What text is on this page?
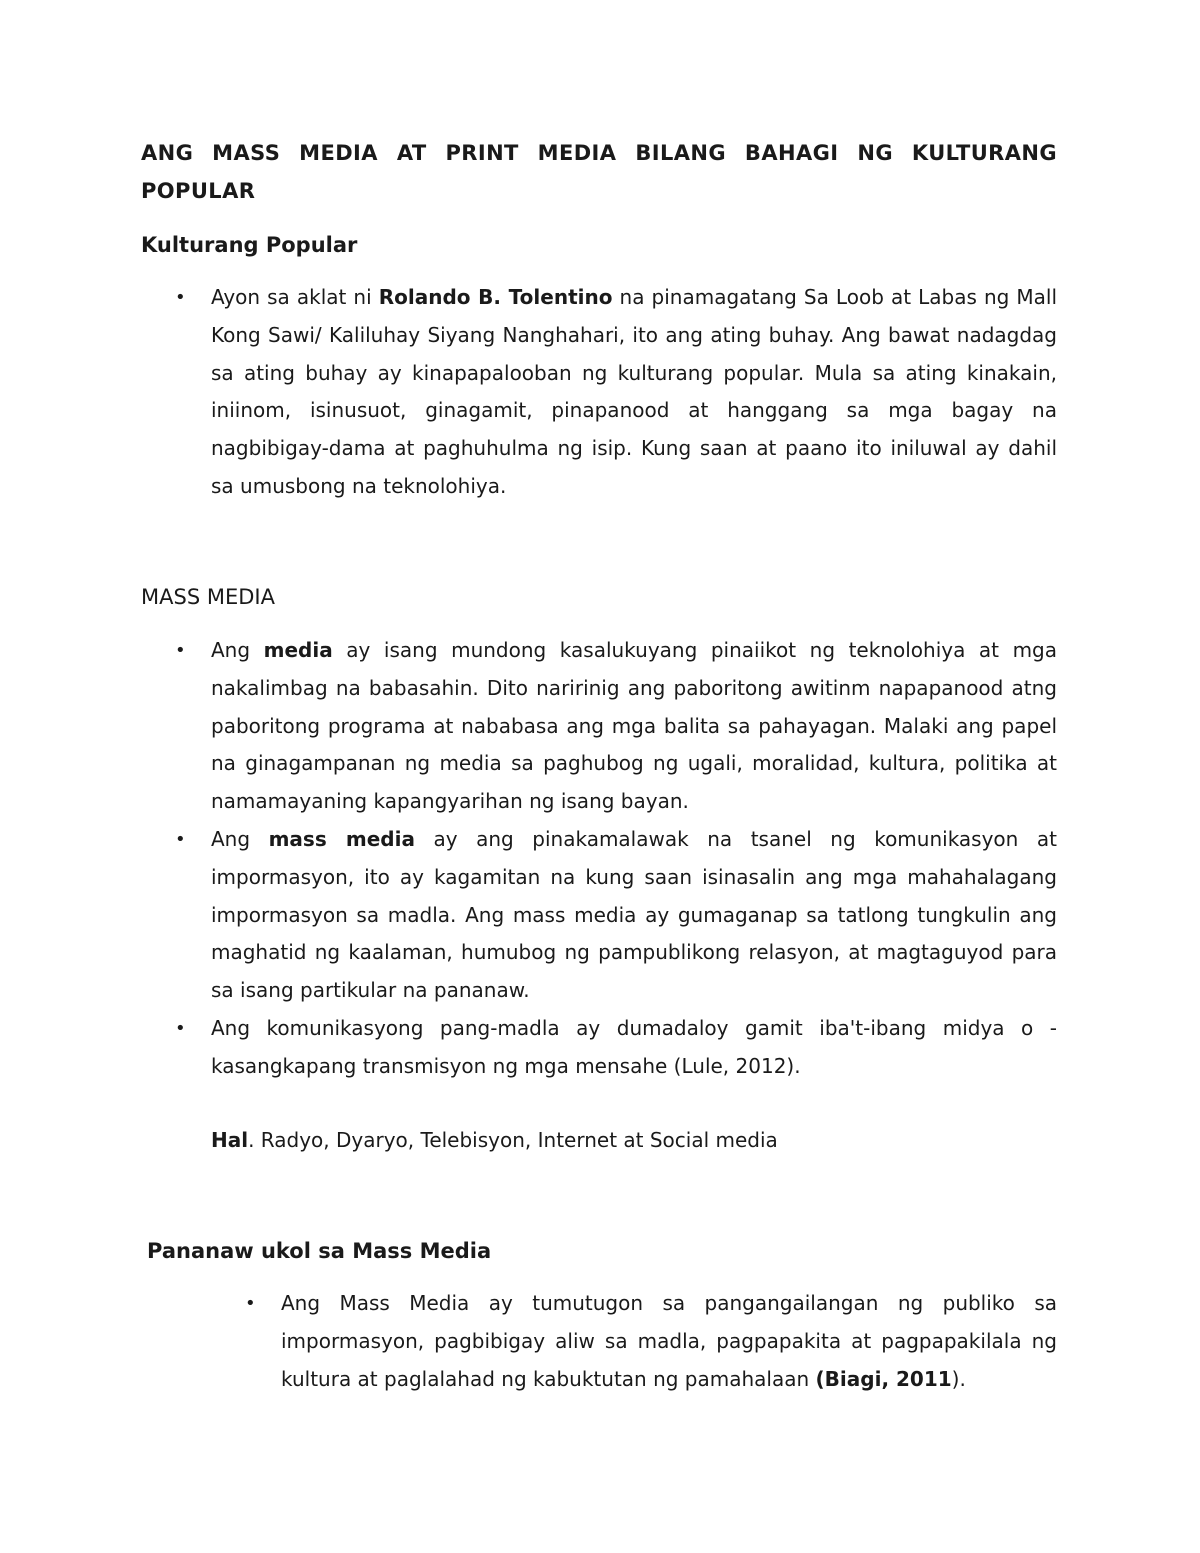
ANG MASS MEDIA AT PRINT MEDIA BILANG BAHAGI NG KULTURANG POPULAR
Kulturang Popular
• Ayon sa aklat ni Rolando B. Tolentino na pinamagatang Sa Loob at Labas ng Mall Kong Sawi/ Kaliluhay Siyang Nanghahari, ito ang ating buhay. Ang bawat nadagdag sa ating buhay ay kinapapalooban ng kulturang popular. Mula sa ating kinakain, iniinom, isinusuot, ginagamit, pinapanood at hanggang sa mga bagay na nagbibigay-dama at paghuhulma ng isip. Kung saan at paano ito iniluwal ay dahil sa umusbong na teknolohiya.
MASS MEDIA
• Ang media ay isang mundong kasalukuyang pinaiikot ng teknolohiya at mga nakalimbag na babasahin. Dito naririnig ang paboritong awitinm napapanood atng paboritong programa at nababasa ang mga balita sa pahayagan. Malaki ang papel na ginagampanan ng media sa paghubog ng ugali, moralidad, kultura, politika at namamayaning kapangyarihan ng isang bayan.
• Ang mass media ay ang pinakamalawak na tsanel ng komunikasyon at impormasyon, ito ay kagamitan na kung saan isinasalin ang mga mahahalagang impormasyon sa madla. Ang mass media ay gumaganap sa tatlong tungkulin ang maghatid ng kaalaman, humubog ng pampublikong relasyon, at magtaguyod para sa isang partikular na pananaw.
• Ang komunikasyong pang-madla ay dumadaloy gamit iba't-ibang midya o -kasangkapang transmisyon ng mga mensahe (Lule, 2012).

Hal. Radyo, Dyaryo, Telebisyon, Internet at Social media

Pananaw ukol sa Mass Media
• Ang Mass Media ay tumutugon sa pangangailangan ng publiko sa impormasyon, pagbibigay aliw sa madla, pagpapakita at pagpapakilala ng kultura at paglalahad ng kabuktutan ng pamahalaan (Biagi, 2011).
